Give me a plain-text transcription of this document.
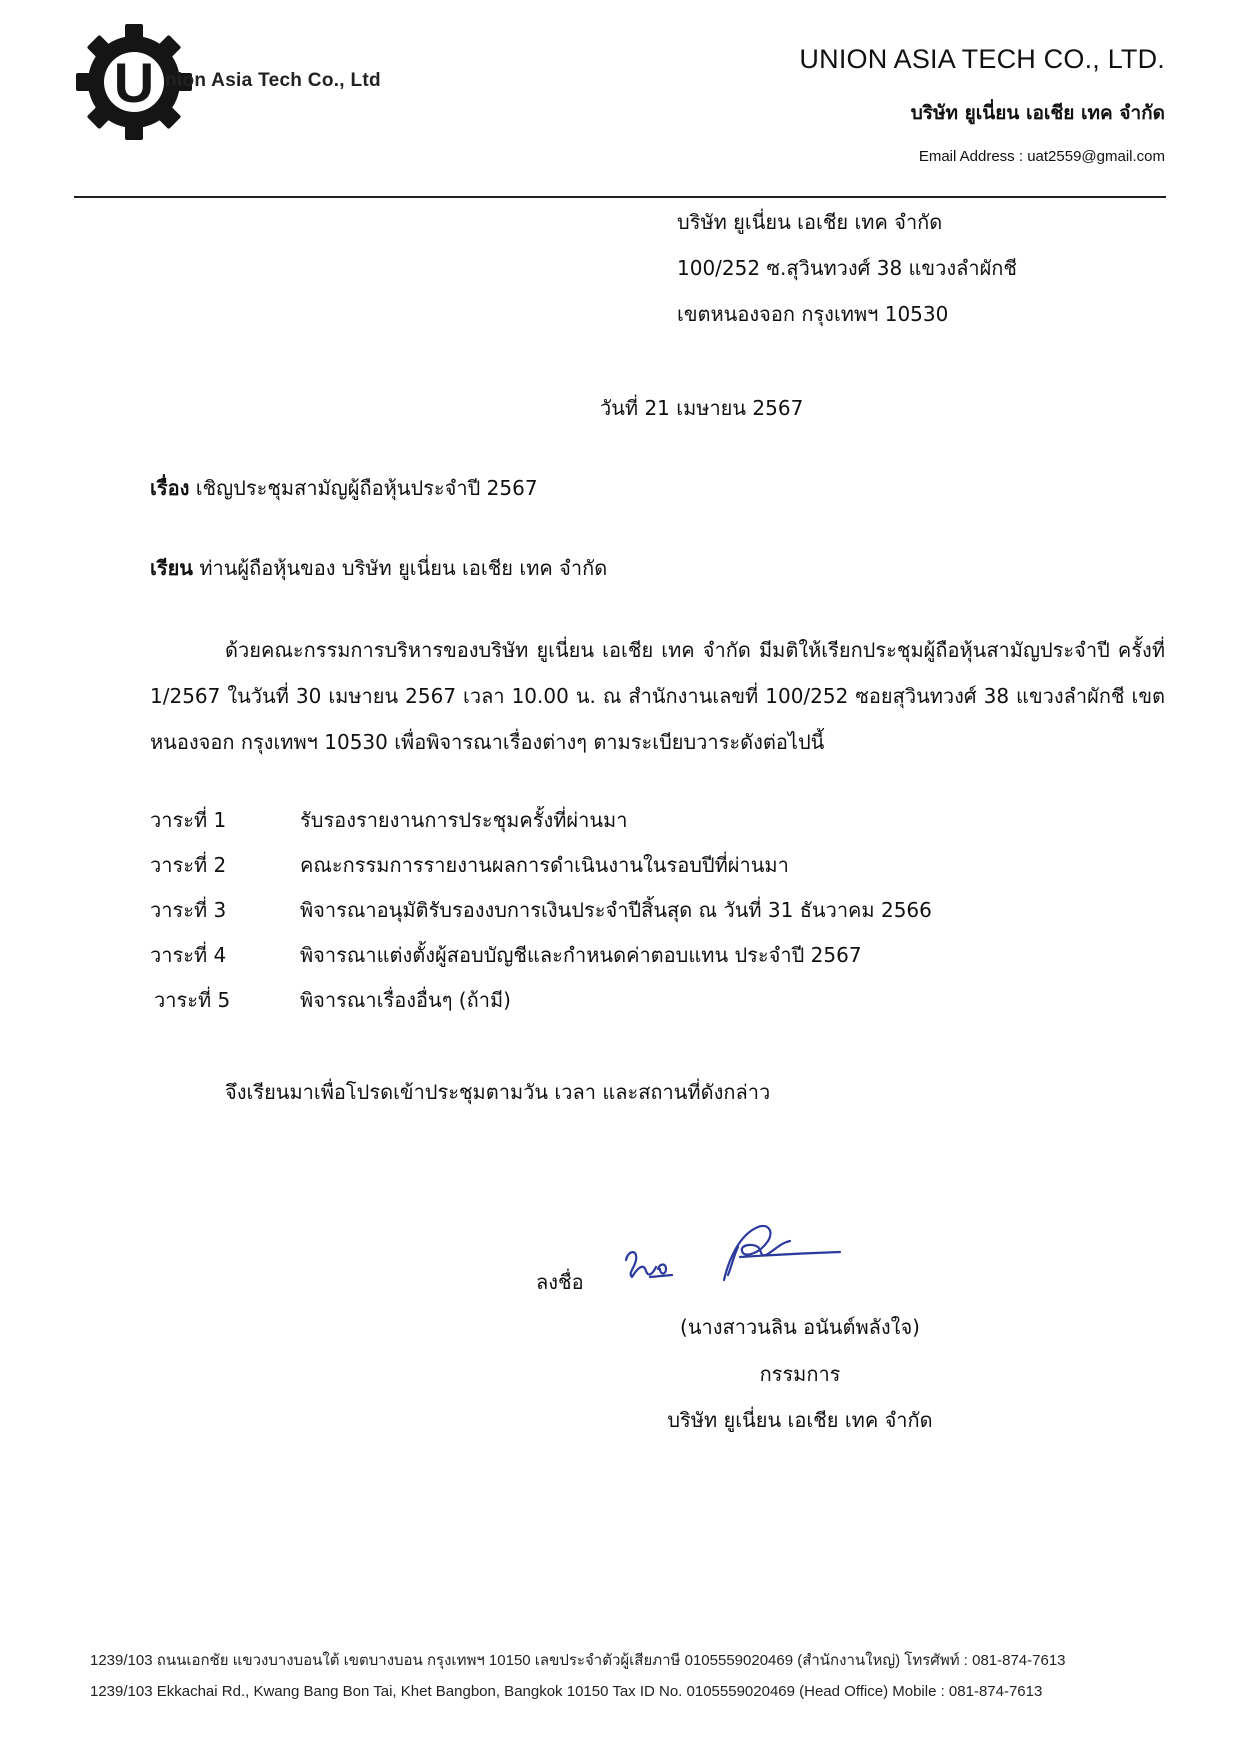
U nion Asia Tech Co., Ltd
UNION ASIA TECH CO., LTD.
บริษัท ยูเนี่ยน เอเชีย เทค จำกัด
Email Address : uat2559@gmail.com
บริษัท ยูเนี่ยน เอเชีย เทค จำกัด
100/252 ซ.สุวินทวงศ์ 38 แขวงลำผักชี
เขตหนองจอก กรุงเทพฯ 10530
วันที่ 21 เมษายน 2567
เรื่อง เชิญประชุมสามัญผู้ถือหุ้นประจำปี 2567
เรียน ท่านผู้ถือหุ้นของ บริษัท ยูเนี่ยน เอเชีย เทค จำกัด
ด้วยคณะกรรมการบริหารของบริษัท ยูเนี่ยน เอเชีย เทค จำกัด มีมติให้เรียกประชุมผู้ถือหุ้นสามัญประจำปี ครั้งที่ 1/2567 ในวันที่ 30 เมษายน 2567 เวลา 10.00 น. ณ สำนักงานเลขที่ 100/252 ซอยสุวินทวงศ์ 38 แขวงลำผักชี เขตหนองจอก กรุงเทพฯ 10530 เพื่อพิจารณาเรื่องต่างๆ ตามระเบียบวาระดังต่อไปนี้
วาระที่ 1	รับรองรายงานการประชุมครั้งที่ผ่านมา
วาระที่ 2	คณะกรรมการรายงานผลการดำเนินงานในรอบปีที่ผ่านมา
วาระที่ 3	พิจารณาอนุมัติรับรองงบการเงินประจำปีสิ้นสุด ณ วันที่ 31 ธันวาคม 2566
วาระที่ 4	พิจารณาแต่งตั้งผู้สอบบัญชีและกำหนดค่าตอบแทน ประจำปี 2567
วาระที่ 5	พิจารณาเรื่องอื่นๆ (ถ้ามี)
จึงเรียนมาเพื่อโปรดเข้าประชุมตามวัน เวลา และสถานที่ดังกล่าว
ลงชื่อ
(นางสาวนลิน อนันต์พลังใจ)
กรรมการ
บริษัท ยูเนี่ยน เอเชีย เทค จำกัด
1239/103 ถนนเอกชัย แขวงบางบอนใต้ เขตบางบอน กรุงเทพฯ 10150 เลขประจำตัวผู้เสียภาษี 0105559020469 (สำนักงานใหญ่) โทรศัพท์ : 081-874-7613
1239/103 Ekkachai Rd., Kwang Bang Bon Tai, Khet Bangbon, Bangkok 10150 Tax ID No. 0105559020469 (Head Office) Mobile : 081-874-7613
